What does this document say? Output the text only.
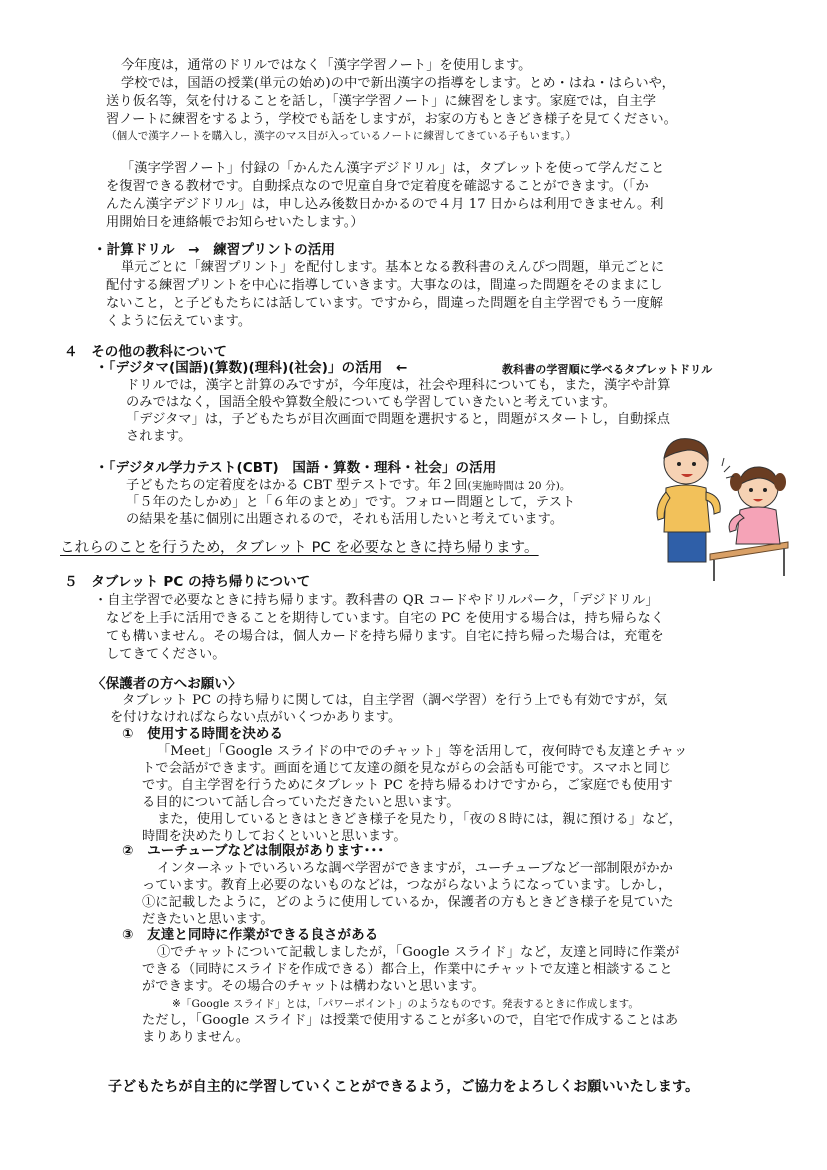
今年度は，通常のドリルではなく「漢字学習ノート」を使用します。
学校では，国語の授業(単元の始め)の中で新出漢字の指導をします。とめ・はね・はらいや，
送り仮名等，気を付けることを話し，「漢字学習ノート」に練習をします。家庭では，自主学
習ノートに練習をするよう，学校でも話をしますが，お家の方もときどき様子を見てください。
（個人で漢字ノートを購入し，漢字のマス目が入っているノートに練習してきている子もいます。）
「漢字学習ノート」付録の「かんたん漢字デジドリル」は，タブレットを使って学んだこと
を復習できる教材です。自動採点なので児童自身で定着度を確認することができます。（「か
んたん漢字デジドリル」は，申し込み後数日かかるので４月 17 日からは利用できません。利
用開始日を連絡帳でお知らせいたします。）
・計算ドリル　→　練習プリントの活用
単元ごとに「練習プリント」を配付します。基本となる教科書のえんぴつ問題，単元ごとに
配付する練習プリントを中心に指導していきます。大事なのは，間違った問題をそのままにし
ないこと，と子どもたちには話しています。ですから，間違った問題を自主学習でもう一度解
くように伝えています。
４　その他の教科について
・「デジタマ(国語)(算数)(理科)(社会)」の活用　←	教科書の学習順に学べるタブレットドリル
ドリルでは，漢字と計算のみですが，今年度は，社会や理科についても，また，漢字や計算
のみではなく，国語全般や算数全般についても学習していきたいと考えています。
「デジタマ」は，子どもたちが目次画面で問題を選択すると，問題がスタートし，自動採点
されます。
・「デジタル学力テスト(CBT)　国語・算数・理科・社会」の活用
子どもたちの定着度をはかる CBT 型テストです。年２回(実施時間は 20 分)。
「５年のたしかめ」と「６年のまとめ」です。フォロー問題として，テスト
の結果を基に個別に出題されるので，それも活用したいと考えています。
これらのことを行うため，タブレット PC を必要なときに持ち帰ります。
５　タブレット PC の持ち帰りについて
・自主学習で必要なときに持ち帰ります。教科書の QR コードやドリルパーク，「デジドリル」
などを上手に活用できることを期待しています。自宅の PC を使用する場合は，持ち帰らなく
ても構いません。その場合は，個人カードを持ち帰ります。自宅に持ち帰った場合は，充電を
してきてください。
〈保護者の方へお願い〉
タブレット PC の持ち帰りに関しては，自主学習（調べ学習）を行う上でも有効ですが，気
を付けなければならない点がいくつかあります。
①　使用する時間を決める
「Meet」「Google スライドの中でのチャット」等を活用して，夜何時でも友達とチャッ
トで会話ができます。画面を通じて友達の顔を見ながらの会話も可能です。スマホと同じ
です。自主学習を行うためにタブレット PC を持ち帰るわけですから，ご家庭でも使用す
る目的について話し合っていただきたいと思います。
また，使用しているときはときどき様子を見たり，「夜の８時には，親に預ける」など，
時間を決めたりしておくといいと思います。
②　ユーチューブなどは制限があります･･･
インターネットでいろいろな調べ学習ができますが，ユーチューブなど一部制限がかか
っています。教育上必要のないものなどは，つながらないようになっています。しかし，
①に記載したように，どのように使用しているか，保護者の方もときどき様子を見ていた
だきたいと思います。
③　友達と同時に作業ができる良さがある
①でチャットについて記載しましたが，「Google スライド」など，友達と同時に作業が
できる（同時にスライドを作成できる）都合上，作業中にチャットで友達と相談すること
ができます。その場合のチャットは構わないと思います。
※「Google スライド」とは，「パワーポイント」のようなものです。発表するときに作成します。
ただし，「Google スライド」は授業で使用することが多いので，自宅で作成することはあ
まりありません。
子どもたちが自主的に学習していくことができるよう，ご協力をよろしくお願いいたします。
